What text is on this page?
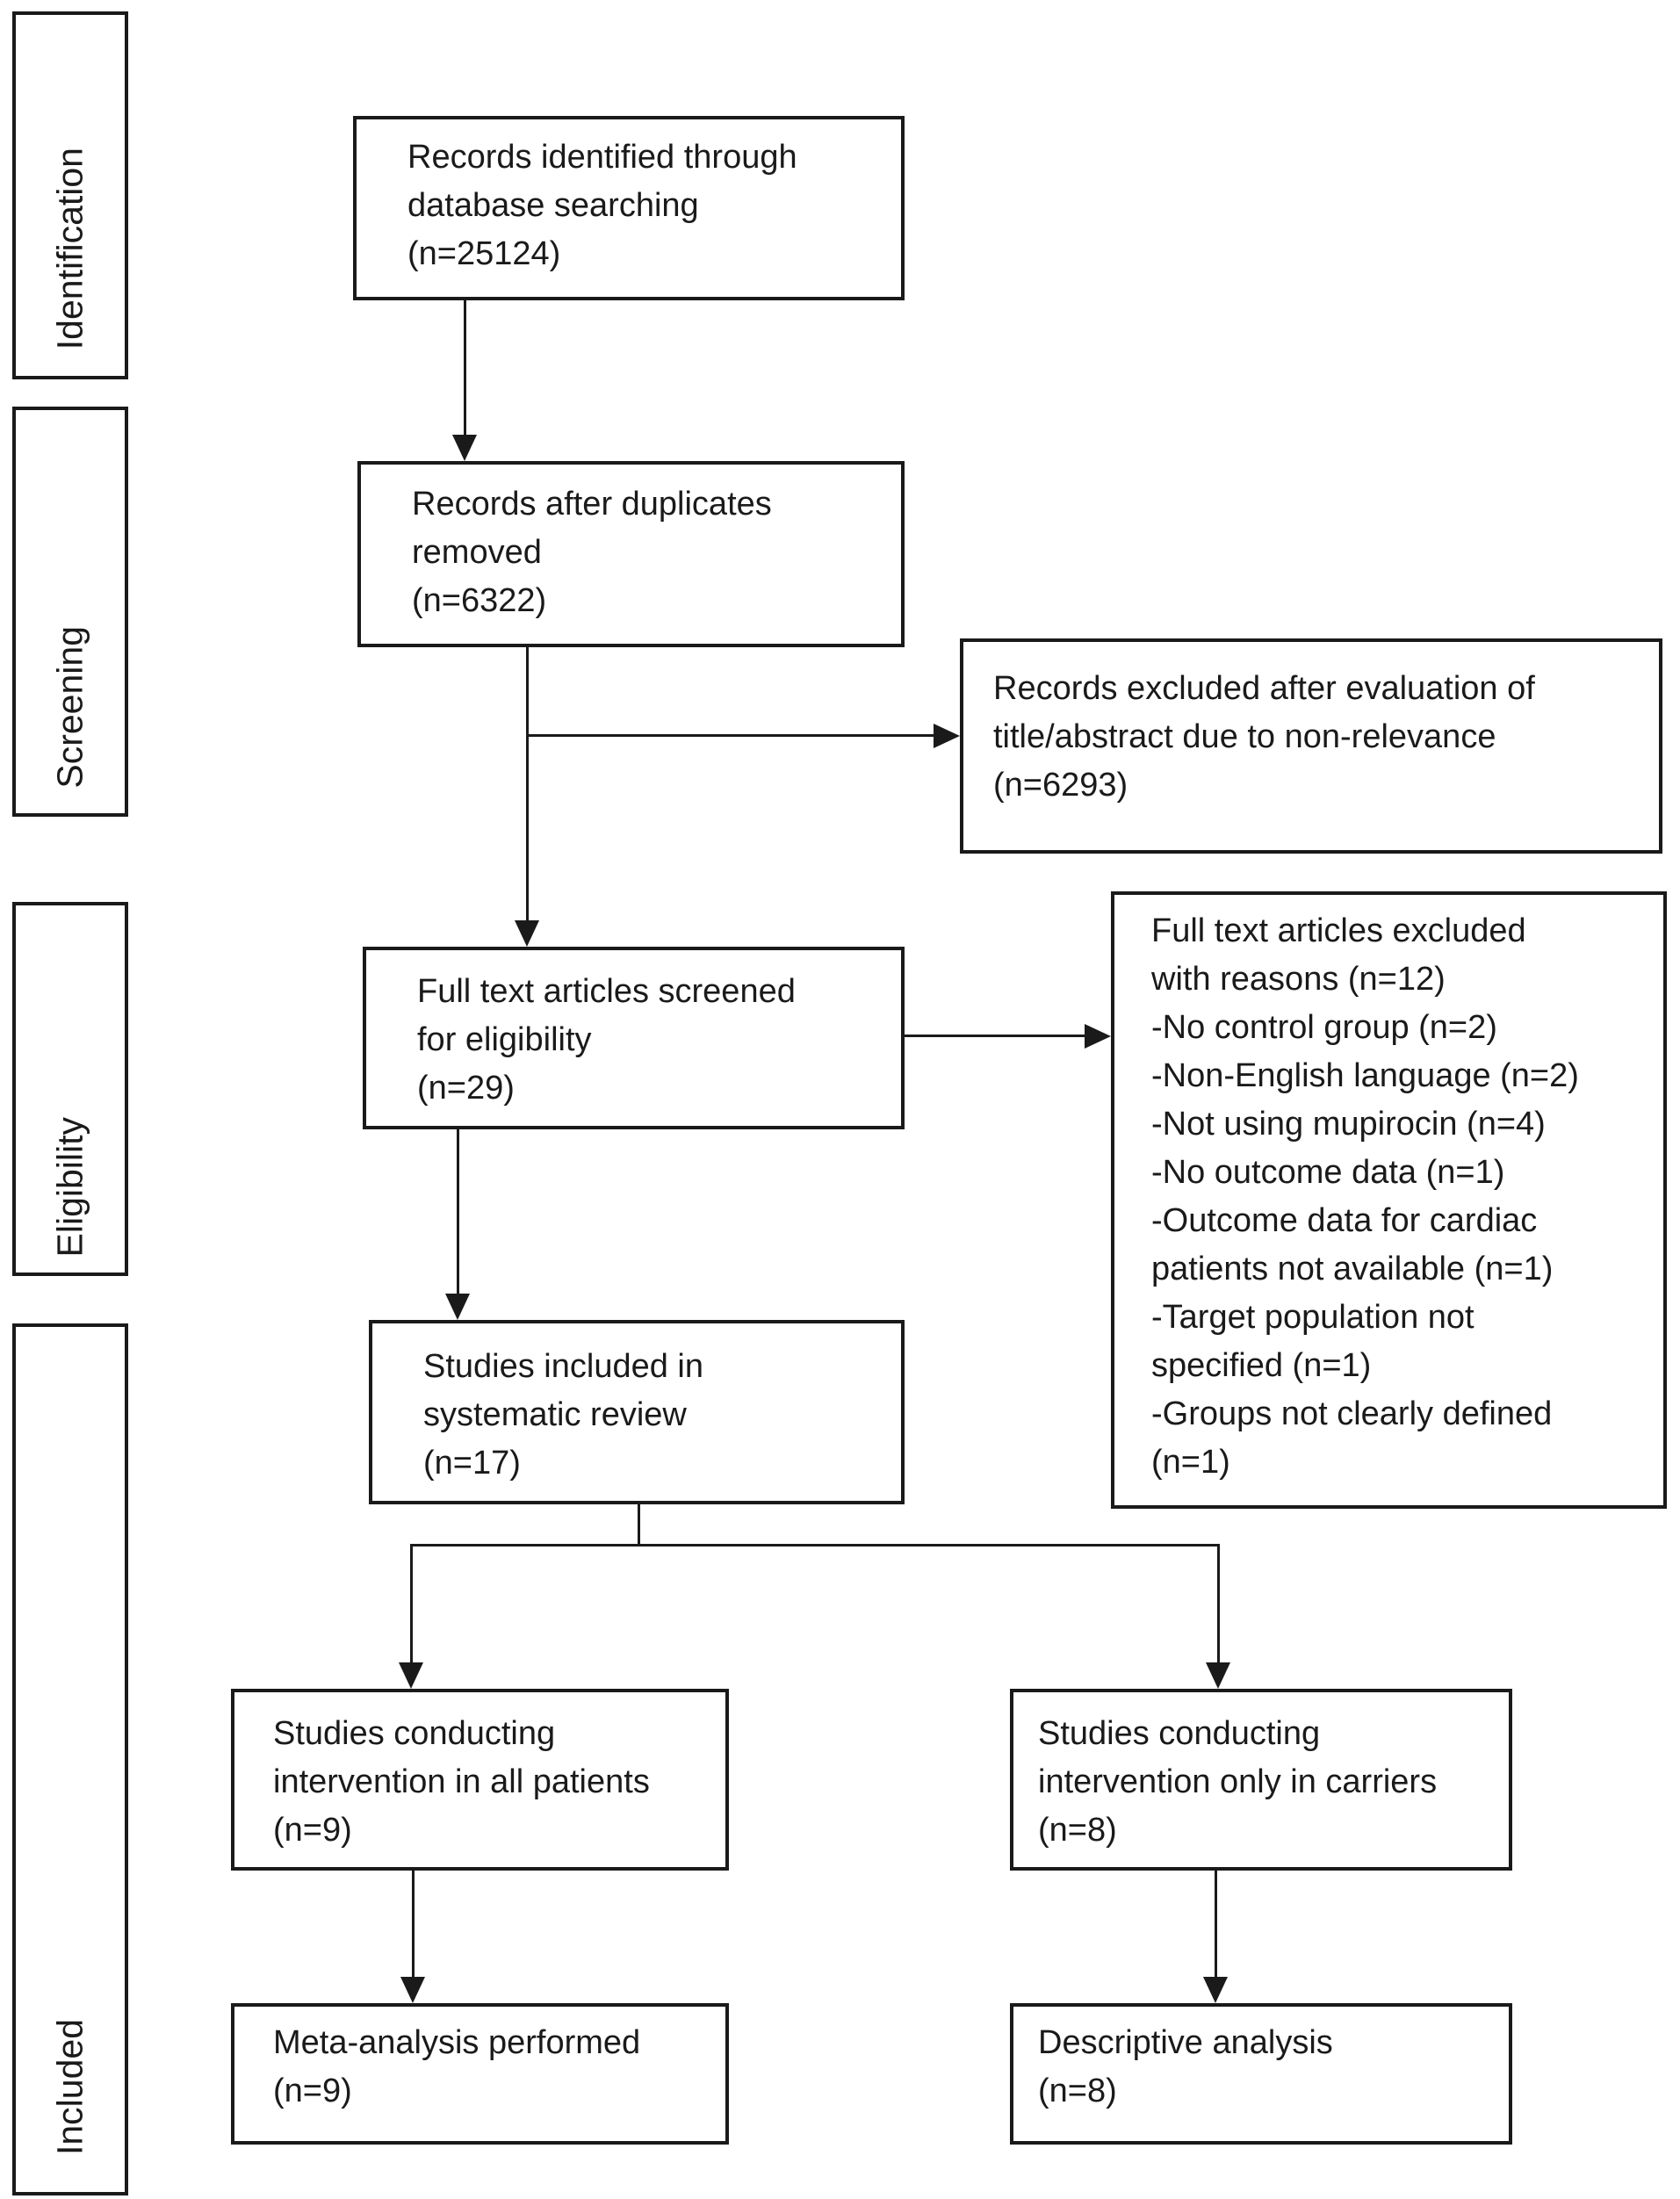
Identification
Screening
Eligibility
Included
Records identified through
database searching
(n=25124)
Records after duplicates
removed
(n=6322)
Records excluded after evaluation of
title/abstract due to non-relevance
(n=6293)
Full text articles screened
for eligibility
(n=29)
Full text articles excluded
with reasons (n=12)
-No control group (n=2)
-Non-English language (n=2)
-Not using mupirocin (n=4)
-No outcome data (n=1)
-Outcome data for cardiac
patients not available (n=1)
-Target population not
specified (n=1)
-Groups not clearly defined
(n=1)
Studies included in
systematic review
(n=17)
Studies conducting
intervention in all patients
(n=9)
Studies conducting
intervention only in carriers
(n=8)
Meta-analysis performed
(n=9)
Descriptive analysis
(n=8)
